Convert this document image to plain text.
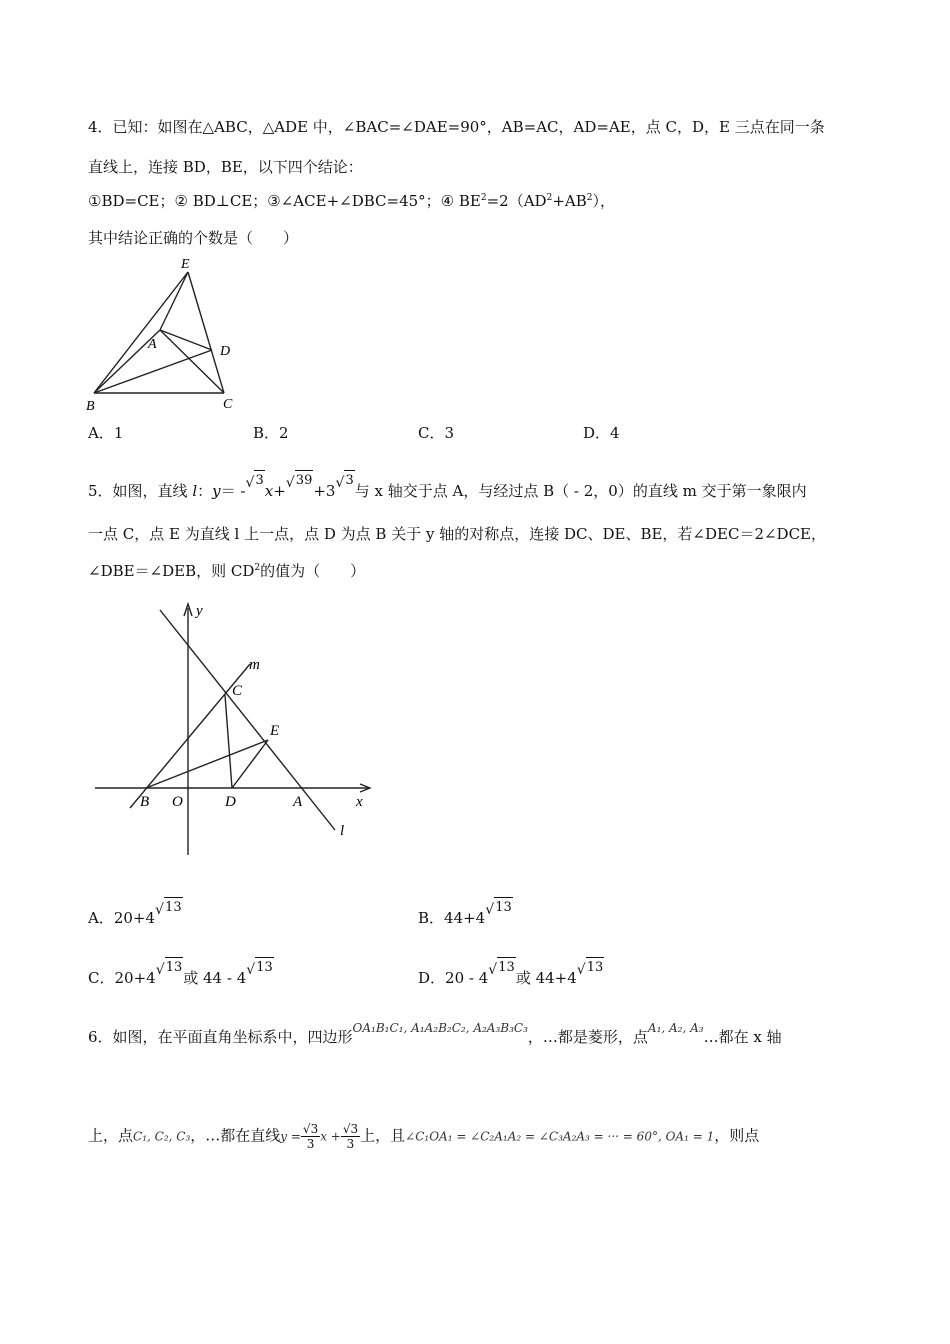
4．已知：如图在△ABC，△ADE 中，∠BAC=∠DAE=90°，AB=AC，AD=AE，点 C，D，E 三点在同一条
直线上，连接 BD，BE，以下四个结论：
①BD=CE；② BD⊥CE；③∠ACE+∠DBC=45°；④ $BE^2=2(AD^2+AB^2)$，
其中结论正确的个数是（　　）
E
A	D
B	C
A．1	B．2	C．3	D．4
5．如图，直线 l：y＝ - √ 3x+ √ 39+3 √ 3与 x 轴交于点 A，与经过点 B（ - 2，0）的直线 m 交于第一象限内
一点 C，点 E 为直线 l 上一点，点 D 为点 B 关于 y 轴的对称点，连接 DC、DE、BE，若∠DEC＝2∠DCE，
∠DBE＝∠DEB，则 $CD^2$的值为（　　）
y
m
C
E
B O	D	A	x
l
A．20+4 √ 13
B．44+4 √ 13
C．20+4 √ 13或 44 - 4 √ 13
D．20 - 4 √ 13或 44+4 √ 13
6．如图，在平面直角坐标系中，四边形$^{OA_1B_1C_1, A_1A_2B_2C_2, A_2A_3B_3C_3}$，…都是菱形，点$^{A_1, A_2, A_3}$…都在 x 轴
上，点C₁, C₂, C₃，…都在直线$y = \frac{√3}{3}$ $x + \frac{√3}{3}$ 上，且∠C₁OA₁ = ∠C₂A₁A₂ = ∠C₃A₂A₃ = ··· = 60°, OA₁ = 1，则点
